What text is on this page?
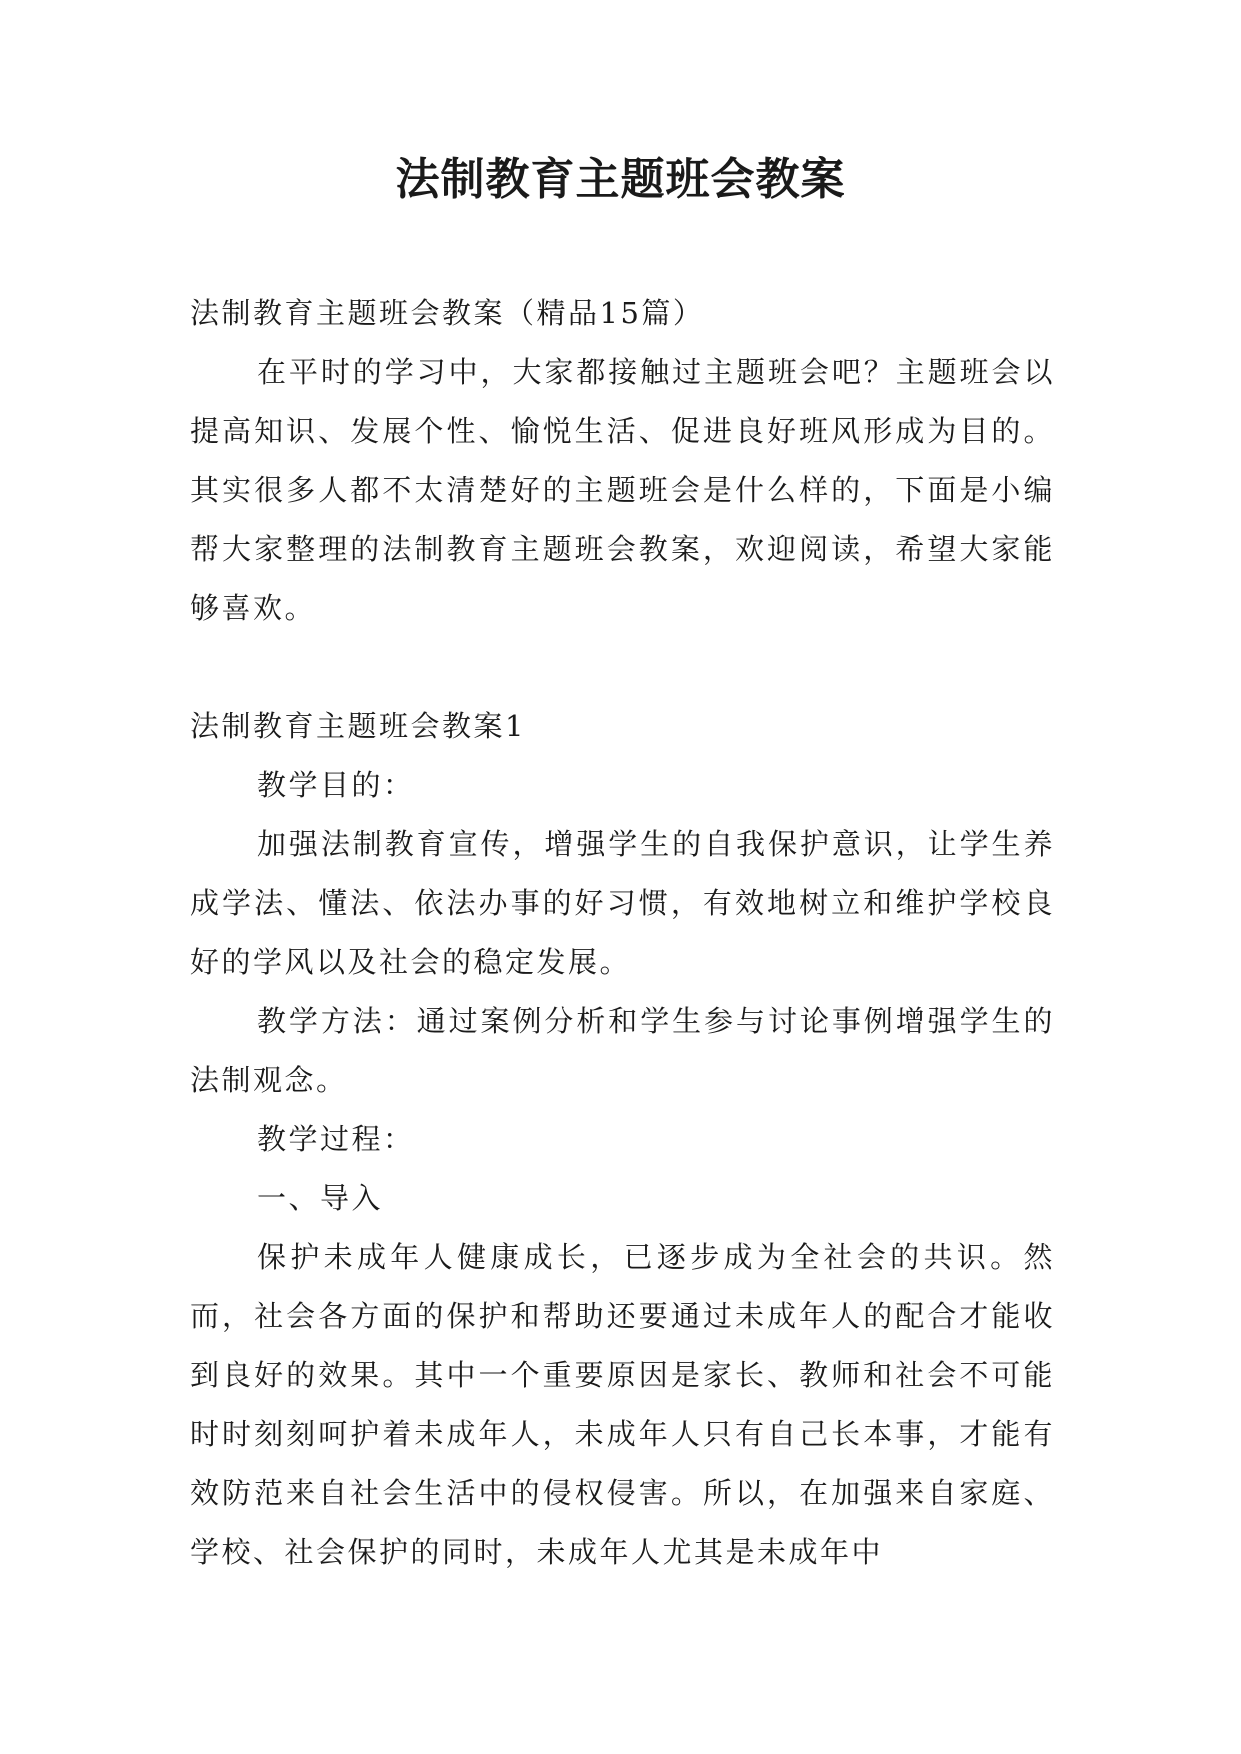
法制教育主题班会教案

法制教育主题班会教案（精品15篇）

在平时的学习中，大家都接触过主题班会吧？主题班会以提高知识、发展个性、愉悦生活、促进良好班风形成为目的。其实很多人都不太清楚好的主题班会是什么样的，下面是小编帮大家整理的法制教育主题班会教案，欢迎阅读，希望大家能够喜欢。

法制教育主题班会教案1

教学目的：

加强法制教育宣传，增强学生的自我保护意识，让学生养成学法、懂法、依法办事的好习惯，有效地树立和维护学校良好的学风以及社会的稳定发展。

教学方法：通过案例分析和学生参与讨论事例增强学生的法制观念。

教学过程：

一、导入

保护未成年人健康成长，已逐步成为全社会的共识。然而，社会各方面的保护和帮助还要通过未成年人的配合才能收到良好的效果。其中一个重要原因是家长、教师和社会不可能时时刻刻呵护着未成年人，未成年人只有自己长本事，才能有效防范来自社会生活中的侵权侵害。所以，在加强来自家庭、学校、社会保护的同时，未成年人尤其是未成年中
